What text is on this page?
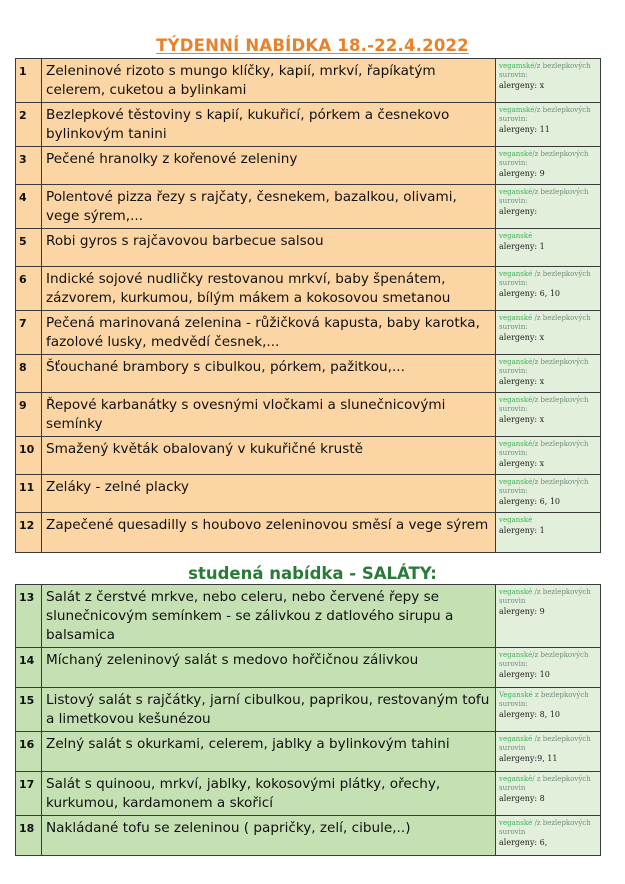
TÝDENNÍ NABÍDKA 18.-22.4.2022
1	Zeleninové rizoto s mungo klíčky, kapií, mrkví, řapíkatým celerem, cuketou a bylinkami	vegamské/z bezlepkových surovin:
alergeny: x

2	Bezlepkové těstoviny s kapií, kukuřicí, pórkem a česnekovo bylinkovým tanini	vegamské/z bezlepkových surovin:
alergeny: 11

3	Pečené hranolky z kořenové zeleniny	veganské/z bezlepkových surovin:
alergeny: 9

4	Polentové pizza řezy s rajčaty, česnekem, bazalkou, olivami, vege sýrem,...	veganské/z bezlepkových surovin:
alergeny:

5	Robi gyros s rajčavovou barbecue salsou	veganské
alergeny: 1

6	Indické sojové nudličky restovanou mrkví, baby špenátem, zázvorem, kurkumou, bílým mákem a kokosovou smetanou	veganské /z bezlepkových surovin:
alergeny: 6, 10

7	Pečená marinovaná zelenina - růžičková kapusta, baby karotka, fazolové lusky, medvědí česnek,...	veganské /z bezlepkových surovin:
alergeny: x

8	Šťouchané brambory s cibulkou, pórkem, pažitkou,...	veganské/z bezlepkových surovin:
alergeny: x

9	Řepové karbanátky s ovesnými vločkami a slunečnicovými semínky	veganské/z bezlepkových surovin:
alergeny: x

10	Smažený květák obalovaný v kukuřičné krustě	veganské/z bezlepkových surovin:
alergeny: x

11	Zeláky - zelné placky	veganské/z bezlepkových surovin:
alergeny: 6, 10

12	Zapečené quesadilly s houbovo zeleninovou směsí a vege sýrem	veganské
alergeny: 1
studená nabídka - SALÁTY:
13	Salát z čerstvé mrkve, nebo celeru, nebo červené řepy se slunečnicovým semínkem - se zálivkou z datlového sirupu a balsamica	veganské /z bezlepkových surovin
alergeny: 9

14	Míchaný zeleninový salát s medovo hořčičnou zálivkou	veganské/z bezlepkových surovin:
alergeny: 10

15	Listový salát s rajčátky, jarní cibulkou, paprikou, restovaným tofu a limetkovou kešunézou	Veganské z bezlepkových surovin:
alergeny: 8, 10

16	Zelný salát s okurkami, celerem, jablky a bylinkovým tahini	veganské /z bezlepkových surovin
alergeny:9, 11

17	Salát s quinoou, mrkví, jablky, kokosovými plátky, ořechy, kurkumou, kardamonem a skořicí	veganské/ z bezlepkových surovin
alergeny: 8

18	Nakládané tofu se zeleninou ( papričky, zelí, cibule,..)	veganské /z bezlepkových surovin
alergeny: 6,
